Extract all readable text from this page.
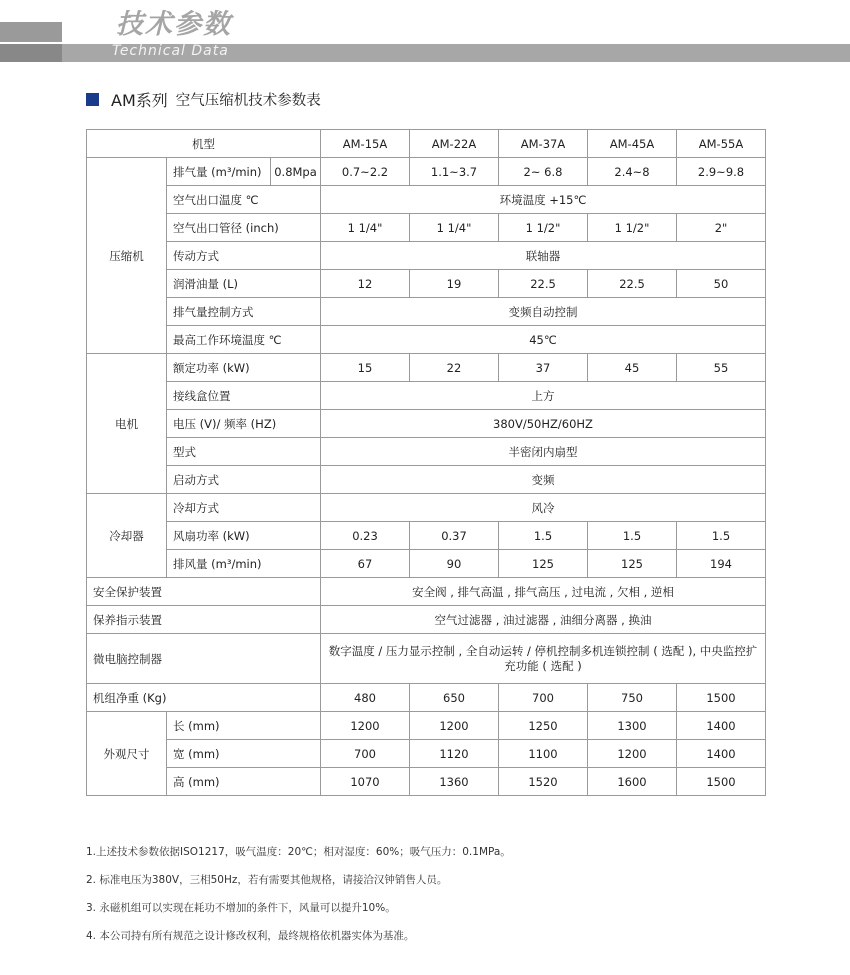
技术参数
Technical Data
AM系列 空气压缩机技术参数表
机型			AM-15A	AM-22A	AM-37A	AM-45A	AM-55A
压缩机	排气量 (m³/min)	0.8Mpa	0.7~2.2	1.1~3.7	2~ 6.8	2.4~8	2.9~9.8
	空气出口温度 ℃		环境温度 +15℃				
	空气出口管径 (inch)		1 1/4"	1 1/4"	1 1/2"	1 1/2"	2"
	传动方式		联轴器				
	润滑油量 (L)		12	19	22.5	22.5	50
	排气量控制方式		变频自动控制				
	最高工作环境温度 ℃		45℃				
电机	额定功率 (kW)		15	22	37	45	55
	接线盒位置		上方				
	电压 (V)/ 频率 (HZ)		380V/50HZ/60HZ				
	型式		半密闭内扇型				
	启动方式		变频				
冷却器	冷却方式		风冷				
	风扇功率 (kW)		0.23	0.37	1.5	1.5	1.5
	排风量 (m³/min)		67	90	125	125	194
安全保护装置			安全阀 , 排气高温 , 排气高压 , 过电流 , 欠相 , 逆相				
保养指示装置			空气过滤器 , 油过滤器 , 油细分离器 , 换油				
微电脑控制器			数字温度 / 压力显示控制 , 全自动运转 / 停机控制多机连锁控制 ( 选配 ), 中央监控扩充功能 ( 选配 )				
机组净重 (Kg)			480	650	700	750	1500
外观尺寸	长 (mm)		1200	1200	1250	1300	1400
	宽 (mm)		700	1120	1100	1200	1400
	高 (mm)		1070	1360	1520	1600	1500

1.上述技术参数依据ISO1217，吸气温度：20℃；相对湿度：60%；吸气压力：0.1MPa。

2. 标准电压为380V，三相50Hz，若有需要其他规格，请接洽汉钟销售人员。

3. 永磁机组可以实现在耗功不增加的条件下，风量可以提升10%。

4. 本公司持有所有规范之设计修改权利，最终规格依机器实体为基准。
